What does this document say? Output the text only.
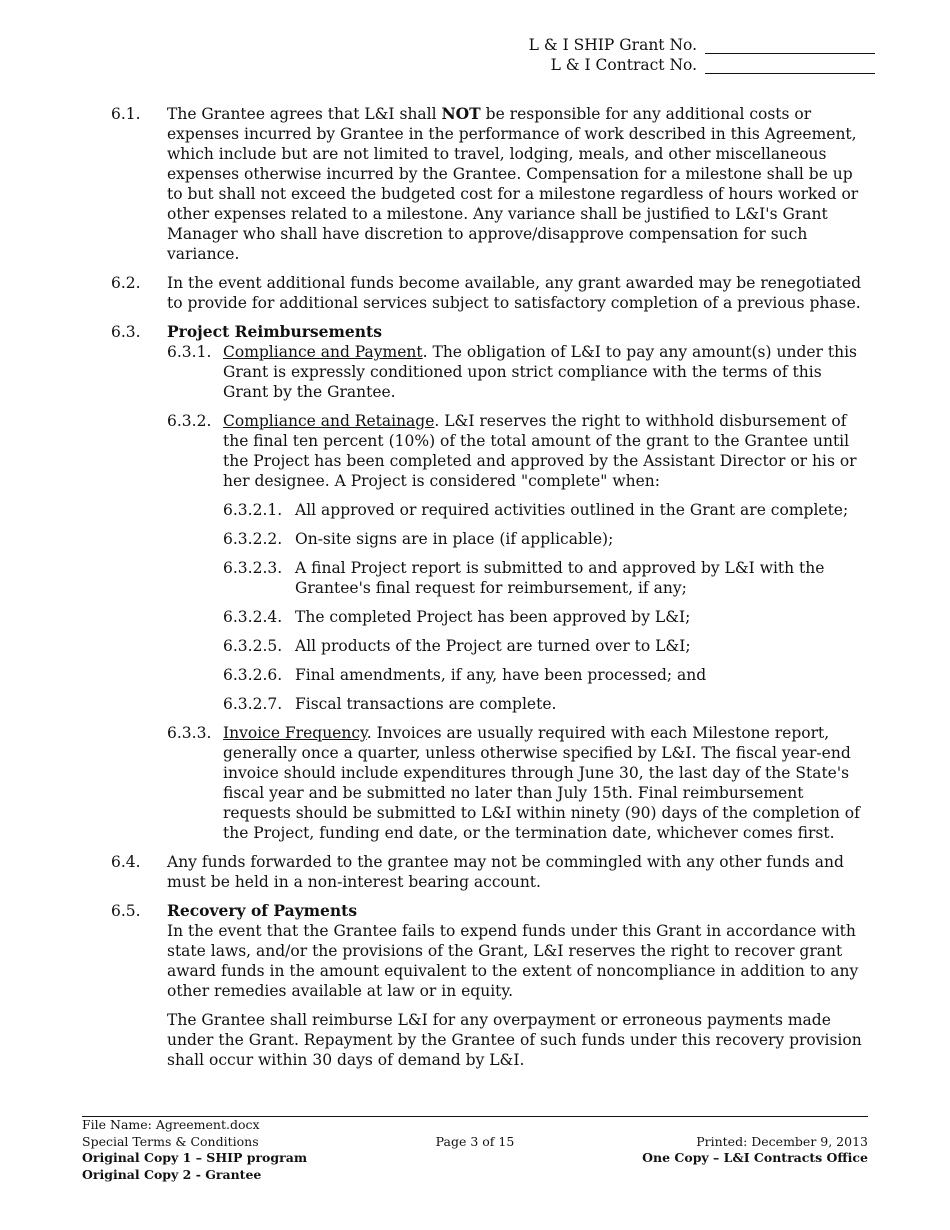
L & I SHIP Grant No.
L & I Contract No.
6.1. The Grantee agrees that L&I shall NOT be responsible for any additional costs or expenses incurred by Grantee in the performance of work described in this Agreement, which include but are not limited to travel, lodging, meals, and other miscellaneous expenses otherwise incurred by the Grantee. Compensation for a milestone shall be up to but shall not exceed the budgeted cost for a milestone regardless of hours worked or other expenses related to a milestone. Any variance shall be justified to L&I's Grant Manager who shall have discretion to approve/disapprove compensation for such variance.
6.2. In the event additional funds become available, any grant awarded may be renegotiated to provide for additional services subject to satisfactory completion of a previous phase.
6.3. Project Reimbursements
6.3.1. Compliance and Payment. The obligation of L&I to pay any amount(s) under this Grant is expressly conditioned upon strict compliance with the terms of this Grant by the Grantee.
6.3.2. Compliance and Retainage. L&I reserves the right to withhold disbursement of the final ten percent (10%) of the total amount of the grant to the Grantee until the Project has been completed and approved by the Assistant Director or his or her designee. A Project is considered "complete" when:
6.3.2.1. All approved or required activities outlined in the Grant are complete;
6.3.2.2. On-site signs are in place (if applicable);
6.3.2.3. A final Project report is submitted to and approved by L&I with the Grantee's final request for reimbursement, if any;
6.3.2.4. The completed Project has been approved by L&I;
6.3.2.5. All products of the Project are turned over to L&I;
6.3.2.6. Final amendments, if any, have been processed; and
6.3.2.7. Fiscal transactions are complete.
6.3.3. Invoice Frequency. Invoices are usually required with each Milestone report, generally once a quarter, unless otherwise specified by L&I. The fiscal year-end invoice should include expenditures through June 30, the last day of the State's fiscal year and be submitted no later than July 15th. Final reimbursement requests should be submitted to L&I within ninety (90) days of the completion of the Project, funding end date, or the termination date, whichever comes first.
6.4. Any funds forwarded to the grantee may not be commingled with any other funds and must be held in a non-interest bearing account.
6.5. Recovery of Payments

In the event that the Grantee fails to expend funds under this Grant in accordance with state laws, and/or the provisions of the Grant, L&I reserves the right to recover grant award funds in the amount equivalent to the extent of noncompliance in addition to any other remedies available at law or in equity.

The Grantee shall reimburse L&I for any overpayment or erroneous payments made under the Grant. Repayment by the Grantee of such funds under this recovery provision shall occur within 30 days of demand by L&I.

File Name: Agreement.docx
Special Terms & Conditions	Page 3 of 15	Printed: December 9, 2013
Original Copy 1 – SHIP program	One Copy – L&I Contracts Office
Original Copy 2 - Grantee
